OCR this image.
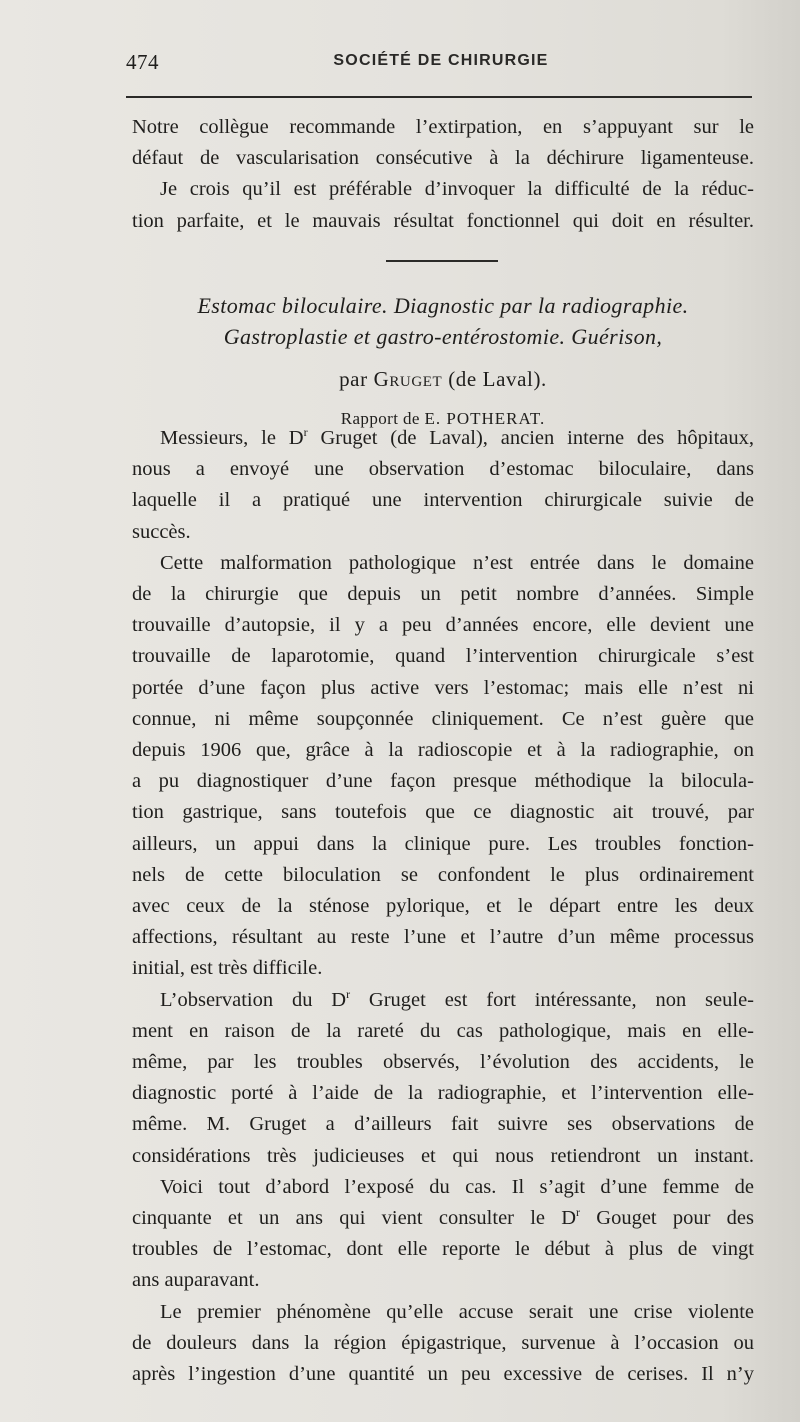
474	SOCIÉTÉ DE CHIRURGIE

Notre collègue recommande l’extirpation, en s’appuyant sur le
défaut de vascularisation consécutive à la déchirure ligamenteuse.
Je crois qu’il est préférable d’invoquer la difficulté de la réduc-
tion parfaite, et le mauvais résultat fonctionnel qui doit en résulter.

Estomac biloculaire. Diagnostic par la radiographie.
Gastroplastie et gastro-entérostomie. Guérison,
par Gruget (de Laval).
Rapport de E. POTHERAT.

Messieurs, le $D^r$ Gruget (de Laval), ancien interne des hôpitaux,
nous a envoyé une observation d’estomac biloculaire, dans
laquelle il a pratiqué une intervention chirurgicale suivie de
succès.

Cette malformation pathologique n’est entrée dans le domaine
de la chirurgie que depuis un petit nombre d’années. Simple
trouvaille d’autopsie, il y a peu d’années encore, elle devient une
trouvaille de laparotomie, quand l’intervention chirurgicale s’est
portée d’une façon plus active vers l’estomac; mais elle n’est ni
connue, ni même soupçonnée cliniquement. Ce n’est guère que
depuis 1906 que, grâce à la radioscopie et à la radiographie, on
a pu diagnostiquer d’une façon presque méthodique la bilocula-
tion gastrique, sans toutefois que ce diagnostic ait trouvé, par
ailleurs, un appui dans la clinique pure. Les troubles fonction-
nels de cette biloculation se confondent le plus ordinairement
avec ceux de la sténose pylorique, et le départ entre les deux
affections, résultant au reste l’une et l’autre d’un même processus
initial, est très difficile.

L’observation du $D^r$ Gruget est fort intéressante, non seule-
ment en raison de la rareté du cas pathologique, mais en elle-
même, par les troubles observés, l’évolution des accidents, le
diagnostic porté à l’aide de la radiographie, et l’intervention elle-
même. M. Gruget a d’ailleurs fait suivre ses observations de
considérations très judicieuses et qui nous retiendront un instant.

Voici tout d’abord l’exposé du cas. Il s’agit d’une femme de
cinquante et un ans qui vient consulter le $D^r$ Gouget pour des
troubles de l’estomac, dont elle reporte le début à plus de vingt
ans auparavant.

Le premier phénomène qu’elle accuse serait une crise violente
de douleurs dans la région épigastrique, survenue à l’occasion ou
après l’ingestion d’une quantité un peu excessive de cerises. Il n’y
